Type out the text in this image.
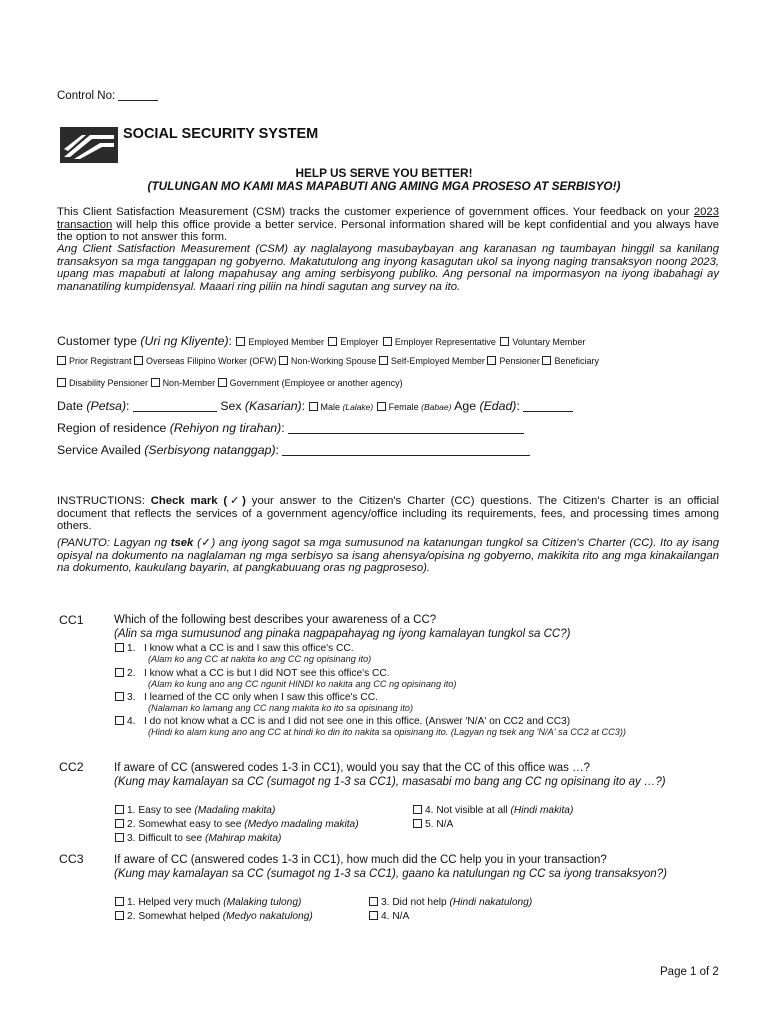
Control No:
SOCIAL SECURITY SYSTEM
HELP US SERVE YOU BETTER!
(TULUNGAN MO KAMI MAS MAPABUTI ANG AMING MGA PROSESO AT SERBISYO!)

This Client Satisfaction Measurement (CSM) tracks the customer experience of government offices. Your feedback on your 2023 transaction will help this office provide a better service. Personal information shared will be kept confidential and you always have the option to not answer this form.

Ang Client Satisfaction Measurement (CSM) ay naglalayong masubaybayan ang karanasan ng taumbayan hinggil sa kanilang transaksyon sa mga tanggapan ng gobyerno. Makatutulong ang inyong kasagutan ukol sa inyong naging transaksyon noong 2023, upang mas mapabuti at lalong mapahusay ang aming serbisyong publiko. Ang personal na impormasyon na iyong ibabahagi ay mananatiling kumpidensyal. Maaari ring piliin na hindi sagutan ang survey na ito.

Customer type (Uri ng Kliyente): Employed Member Employer Employer Representative Voluntary Member
Prior Registrant Overseas Filipino Worker (OFW) Non-Working Spouse Self-Employed Member Pensioner Beneficiary
Disability Pensioner Non-Member Government (Employee or another agency)
Date (Petsa):	Sex (Kasarian): Male (Lalake) Female (Babae) Age (Edad):
Region of residence (Rehiyon ng tirahan):
Service Availed (Serbisyong natanggap):

INSTRUCTIONS: Check mark (✓) your answer to the Citizen's Charter (CC) questions. The Citizen's Charter is an official document that reflects the services of a government agency/office including its requirements, fees, and processing times among others.

(PANUTO: Lagyan ng tsek (✓) ang iyong sagot sa mga sumusunod na katanungan tungkol sa Citizen's Charter (CC). Ito ay isang opisyal na dokumento na naglalaman ng mga serbisyo sa isang ahensya/opisina ng gobyerno, makikita rito ang mga kinakailangan na dokumento, kaukulang bayarin, at pangkabuuang oras ng pagproseso).

CC1	Which of the following best describes your awareness of a CC?
(Alin sa mga sumusunod ang pinaka nagpapahayag ng iyong kamalayan tungkol sa CC?)
1. I know what a CC is and I saw this office's CC.
(Alam ko ang CC at nakita ko ang CC ng opisinang ito)
2. I know what a CC is but I did NOT see this office's CC.
(Alam ko kung ano ang CC ngunit HINDI ko nakita ang CC ng opisinang ito)
3. I learned of the CC only when I saw this office's CC.
(Nalaman ko lamang ang CC nang makita ko ito sa opisinang ito)
4. I do not know what a CC is and I did not see one in this office. (Answer 'N/A' on CC2 and CC3)
(Hindi ko alam kung ano ang CC at hindi ko din ito nakita sa opisinang ito. (Lagyan ng tsek ang 'N/A' sa CC2 at CC3))
CC2	If aware of CC (answered codes 1-3 in CC1), would you say that the CC of this office was …?
(Kung may kamalayan sa CC (sumagot ng 1-3 sa CC1), masasabi mo bang ang CC ng opisinang ito ay …?)
1. Easy to see (Madaling makita)
2. Somewhat easy to see (Medyo madaling makita)
3. Difficult to see (Mahirap makita)
4. Not visible at all (Hindi makita)
5. N/A
CC3	If aware of CC (answered codes 1-3 in CC1), how much did the CC help you in your transaction?
(Kung may kamalayan sa CC (sumagot ng 1-3 sa CC1), gaano ka natulungan ng CC sa iyong transaksyon?)
1. Helped very much (Malaking tulong)
2. Somewhat helped (Medyo nakatulong)
3. Did not help (Hindi nakatulong)
4. N/A
Page 1 of 2
